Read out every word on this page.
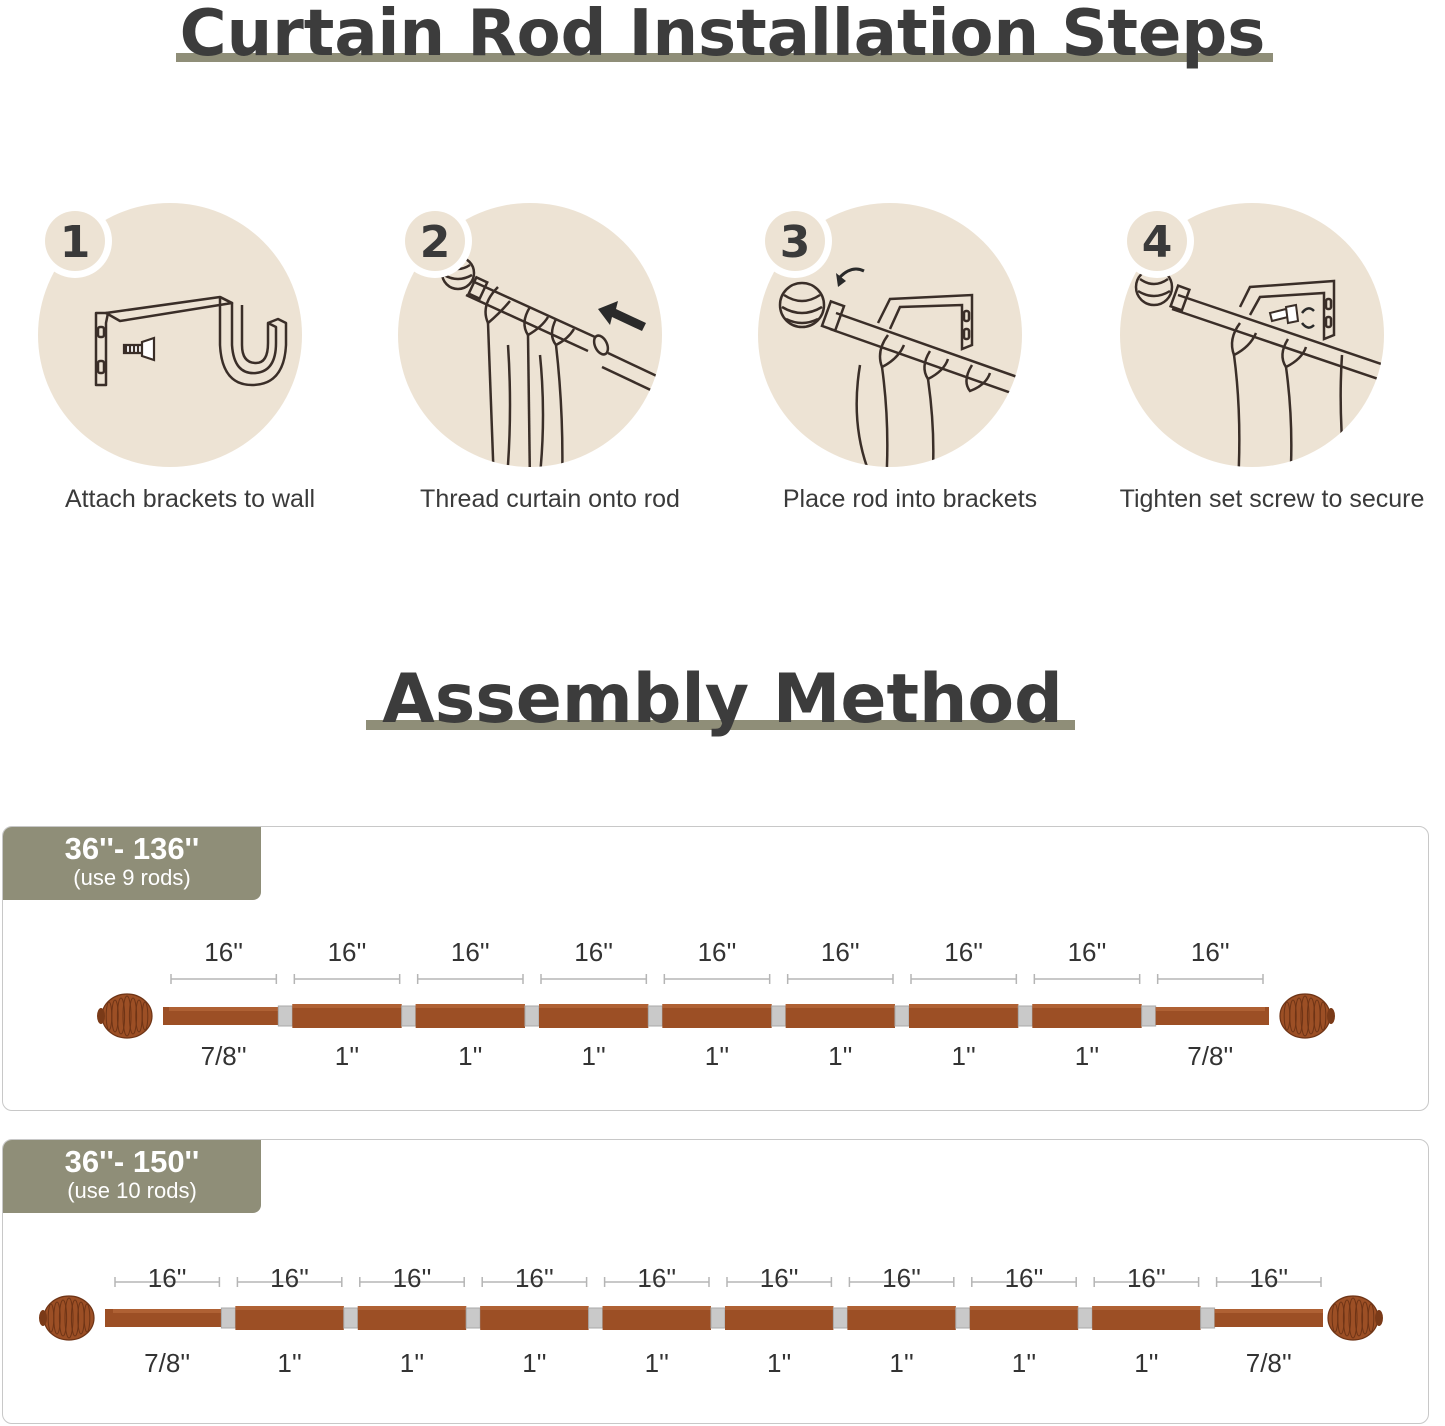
Curtain Rod Installation Steps
1
Attach brackets to wall
2
Thread curtain onto rod
3
Place rod into brackets
4
Tighten set screw to secure
Assembly Method
36''- 136''
(use 9 rods)
16''
7/8''
16''
1''
16''
1''
16''
1''
16''
1''
16''
1''
16''
1''
16''
1''
16''
7/8''
36''- 150''
(use 10 rods)
16''
7/8''
16''
1''
16''
1''
16''
1''
16''
1''
16''
1''
16''
1''
16''
1''
16''
1''
16''
7/8''
